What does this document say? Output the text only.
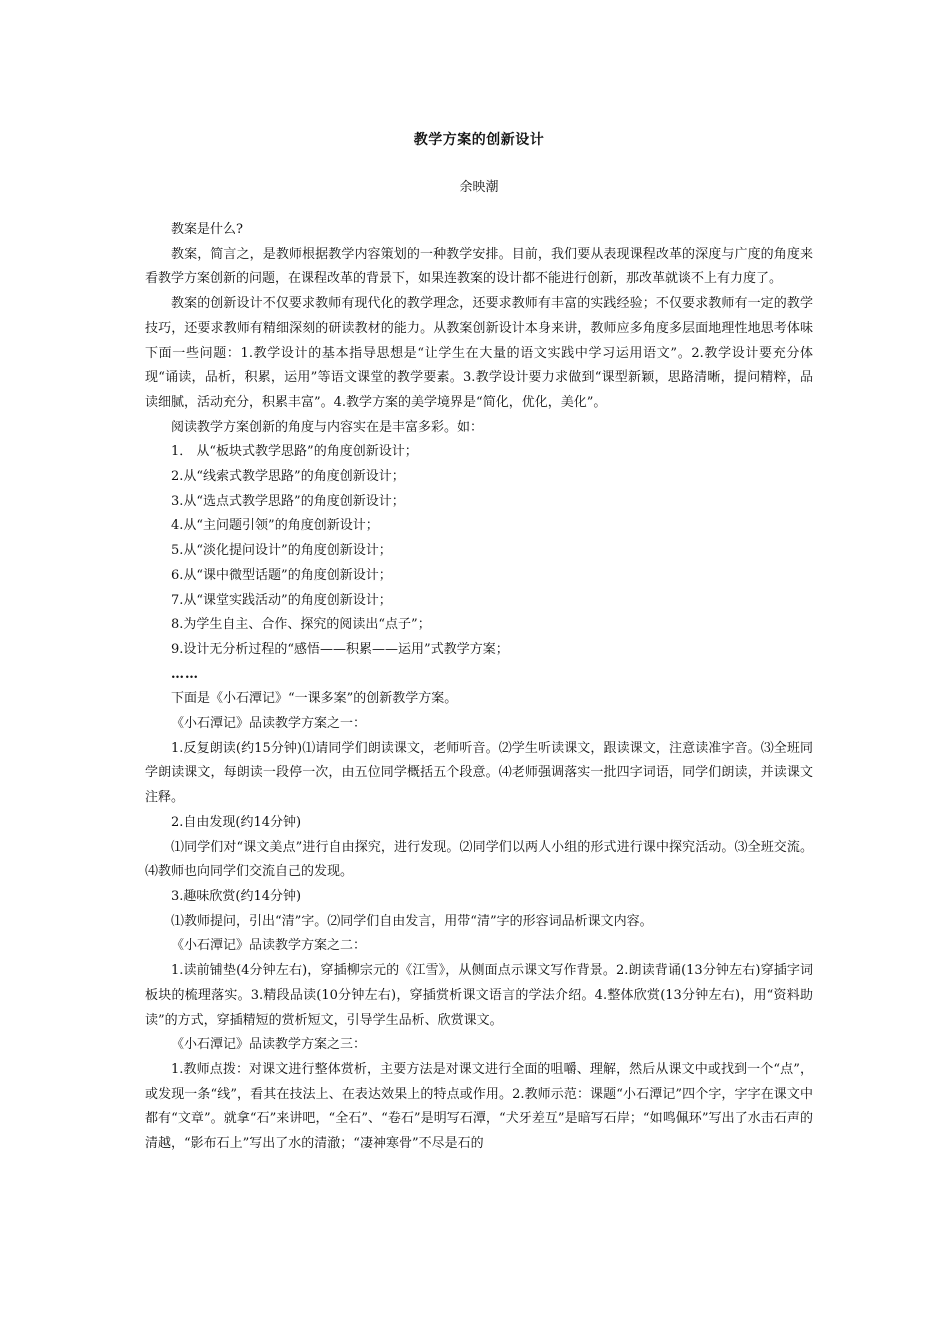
教学方案的创新设计
余映潮

教案是什么?

教案，简言之，是教师根据教学内容策划的一种教学安排。目前，我们要从表现课程改革的深度与广度的角度来看教学方案创新的问题，在课程改革的背景下，如果连教案的设计都不能进行创新，那改革就谈不上有力度了。

教案的创新设计不仅要求教师有现代化的教学理念，还要求教师有丰富的实践经验；不仅要求教师有一定的教学技巧，还要求教师有精细深刻的研读教材的能力。从教案创新设计本身来讲，教师应多角度多层面地理性地思考体味下面一些问题：1.教学设计的基本指导思想是“让学生在大量的语文实践中学习运用语文”。2.教学设计要充分体现“诵读，品析，积累，运用”等语文课堂的教学要素。3.教学设计要力求做到“课型新颖，思路清晰，提问精粹，品读细腻，活动充分，积累丰富”。4.教学方案的美学境界是“简化，优化，美化”。

阅读教学方案创新的角度与内容实在是丰富多彩。如：

1． 从“板块式教学思路”的角度创新设计；

2.从“线索式教学思路”的角度创新设计；

3.从“选点式教学思路”的角度创新设计；

4.从“主问题引领”的角度创新设计；

5.从“淡化提问设计”的角度创新设计；

6.从“课中微型话题”的角度创新设计；

7.从“课堂实践活动”的角度创新设计；

8.为学生自主、合作、探究的阅读出“点子”；

9.设计无分析过程的“感悟——积累——运用”式教学方案；

……

下面是《小石潭记》“一课多案”的创新教学方案。

《小石潭记》品读教学方案之一：

1.反复朗读(约15分钟)⑴请同学们朗读课文，老师听音。⑵学生听读课文，跟读课文，注意读准字音。⑶全班同学朗读课文，每朗读一段停一次，由五位同学概括五个段意。⑷老师强调落实一批四字词语，同学们朗读，并读课文注释。

2.自由发现(约14分钟)

⑴同学们对“课文美点”进行自由探究，进行发现。⑵同学们以两人小组的形式进行课中探究活动。⑶全班交流。⑷教师也向同学们交流自己的发现。

3.趣味欣赏(约14分钟)

⑴教师提问，引出“清”字。⑵同学们自由发言，用带“清”字的形容词品析课文内容。

《小石潭记》品读教学方案之二：

1.读前铺垫(4分钟左右)，穿插柳宗元的《江雪》，从侧面点示课文写作背景。2.朗读背诵(13分钟左右)穿插字词板块的梳理落实。3.精段品读(10分钟左右)，穿插赏析课文语言的学法介绍。4.整体欣赏(13分钟左右)，用“资料助读”的方式，穿插精短的赏析短文，引导学生品析、欣赏课文。

《小石潭记》品读教学方案之三：

1.教师点拨：对课文进行整体赏析，主要方法是对课文进行全面的咀嚼、理解，然后从课文中或找到一个“点”，或发现一条“线”，看其在技法上、在表达效果上的特点或作用。2.教师示范：课题“小石潭记”四个字，字字在课文中都有“文章”。就拿“石”来讲吧，“全石”、“卷石”是明写石潭，“犬牙差互”是暗写石岸；“如鸣佩环”写出了水击石声的清越，“影布石上”写出了水的清澈；“凄神寒骨”不尽是石的
